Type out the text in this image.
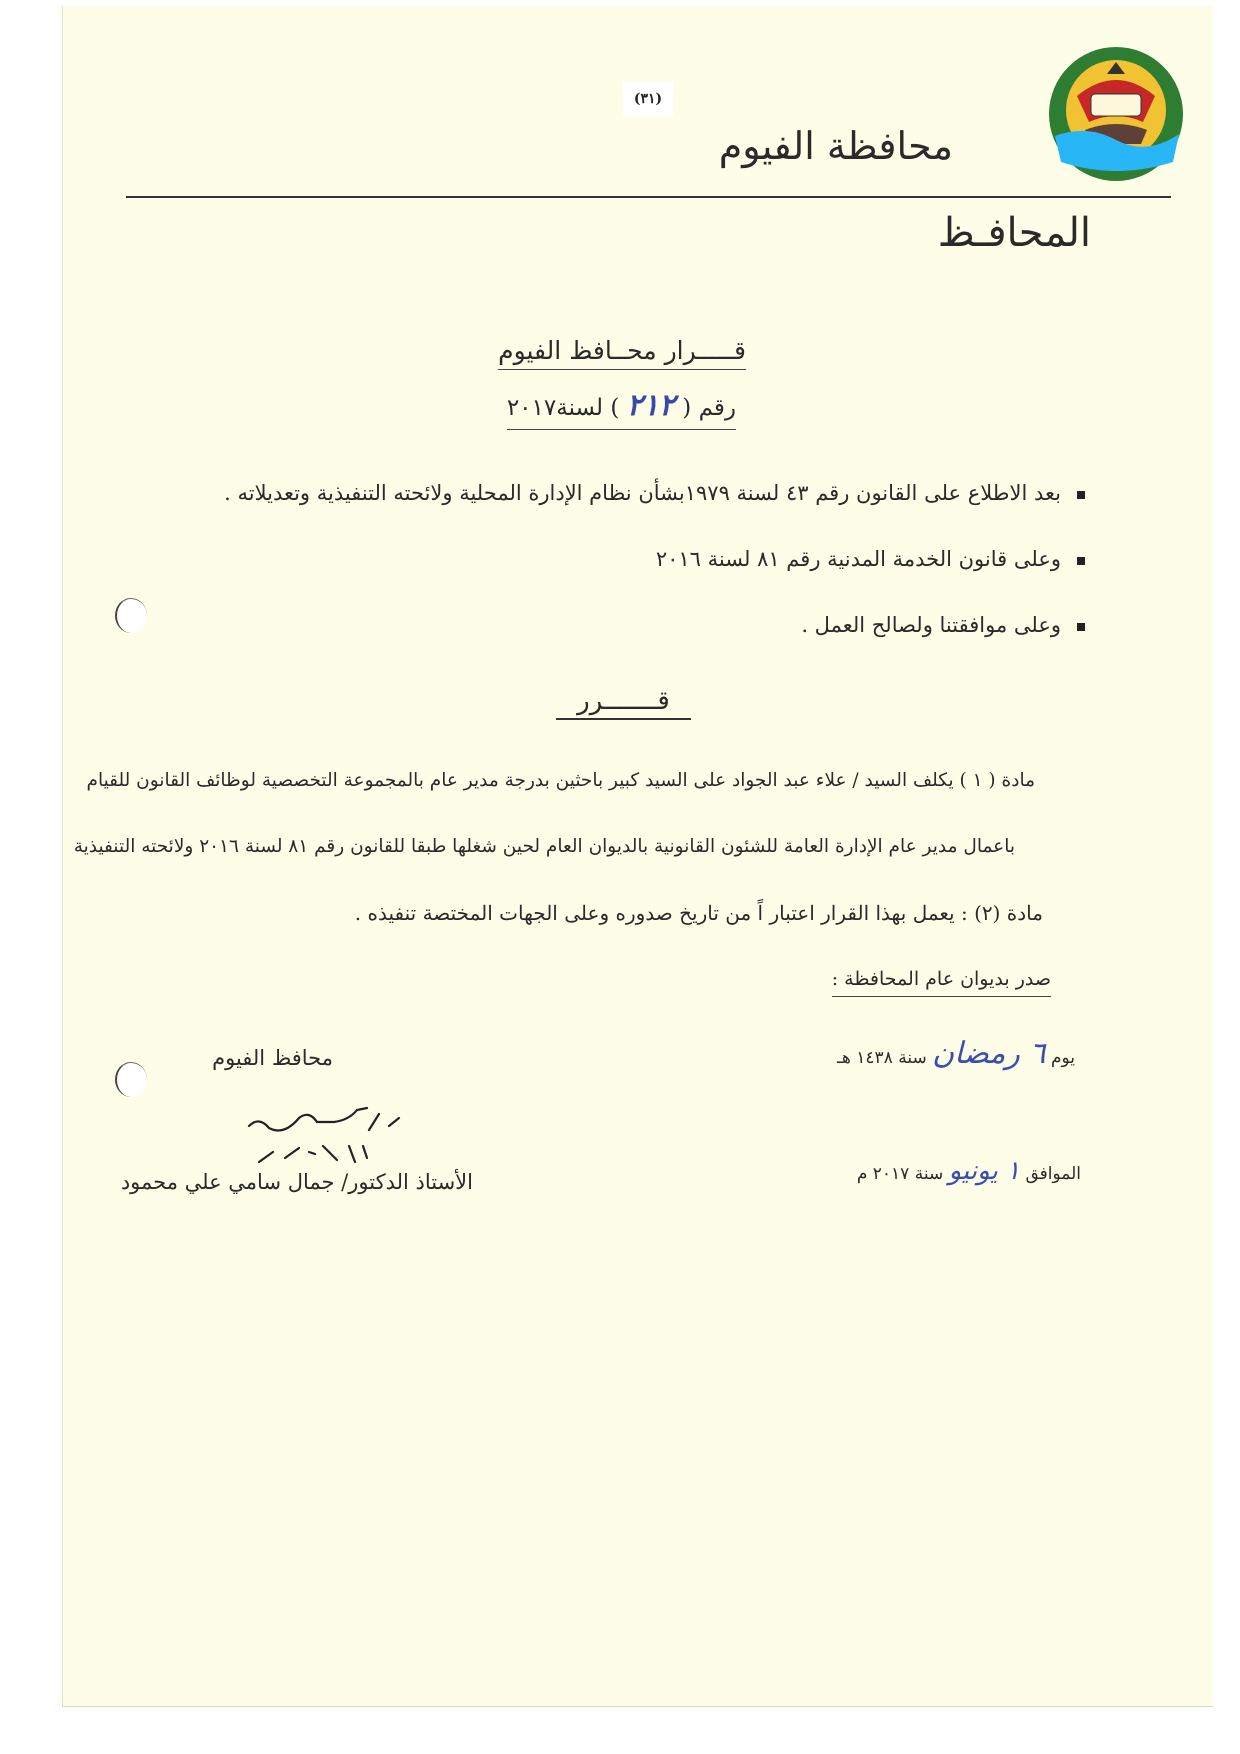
(٣١)
محافظة الفيوم
المحافـظ
قـــــرار محــافظ الفيوم
رقم ( ٢١٢ ) لسنة٢٠١٧
بعد الاطلاع على القانون رقم ٤٣ لسنة ١٩٧٩بشأن نظام الإدارة المحلية ولائحته التنفيذية وتعديلاته .
وعلى قانون الخدمة المدنية رقم ٨١ لسنة ٢٠١٦
وعلى موافقتنا ولصالح العمل .
قـــــــرر
مادة ( ١ ) يكلف السيد / علاء عبد الجواد على السيد كبير باحثين بدرجة مدير عام بالمجموعة التخصصية لوظائف القانون للقيام
باعمال مدير عام الإدارة العامة للشئون القانونية بالديوان العام لحين شغلها طبقا للقانون رقم ٨١ لسنة ٢٠١٦ ولائحته التنفيذية
مادة (٢) : يعمل بهذا القرار اعتبار اً من تاريخ صدوره وعلى الجهات المختصة تنفيذه .
صدر بديوان عام المحافظة :
يوم ٦ رمضان سنة ١٤٣٨ هـ
الموافق ١ يونيو سنة ٢٠١٧ م
محافظ الفيوم
الأستاذ الدكتور/ جمال سامي علي محمود
